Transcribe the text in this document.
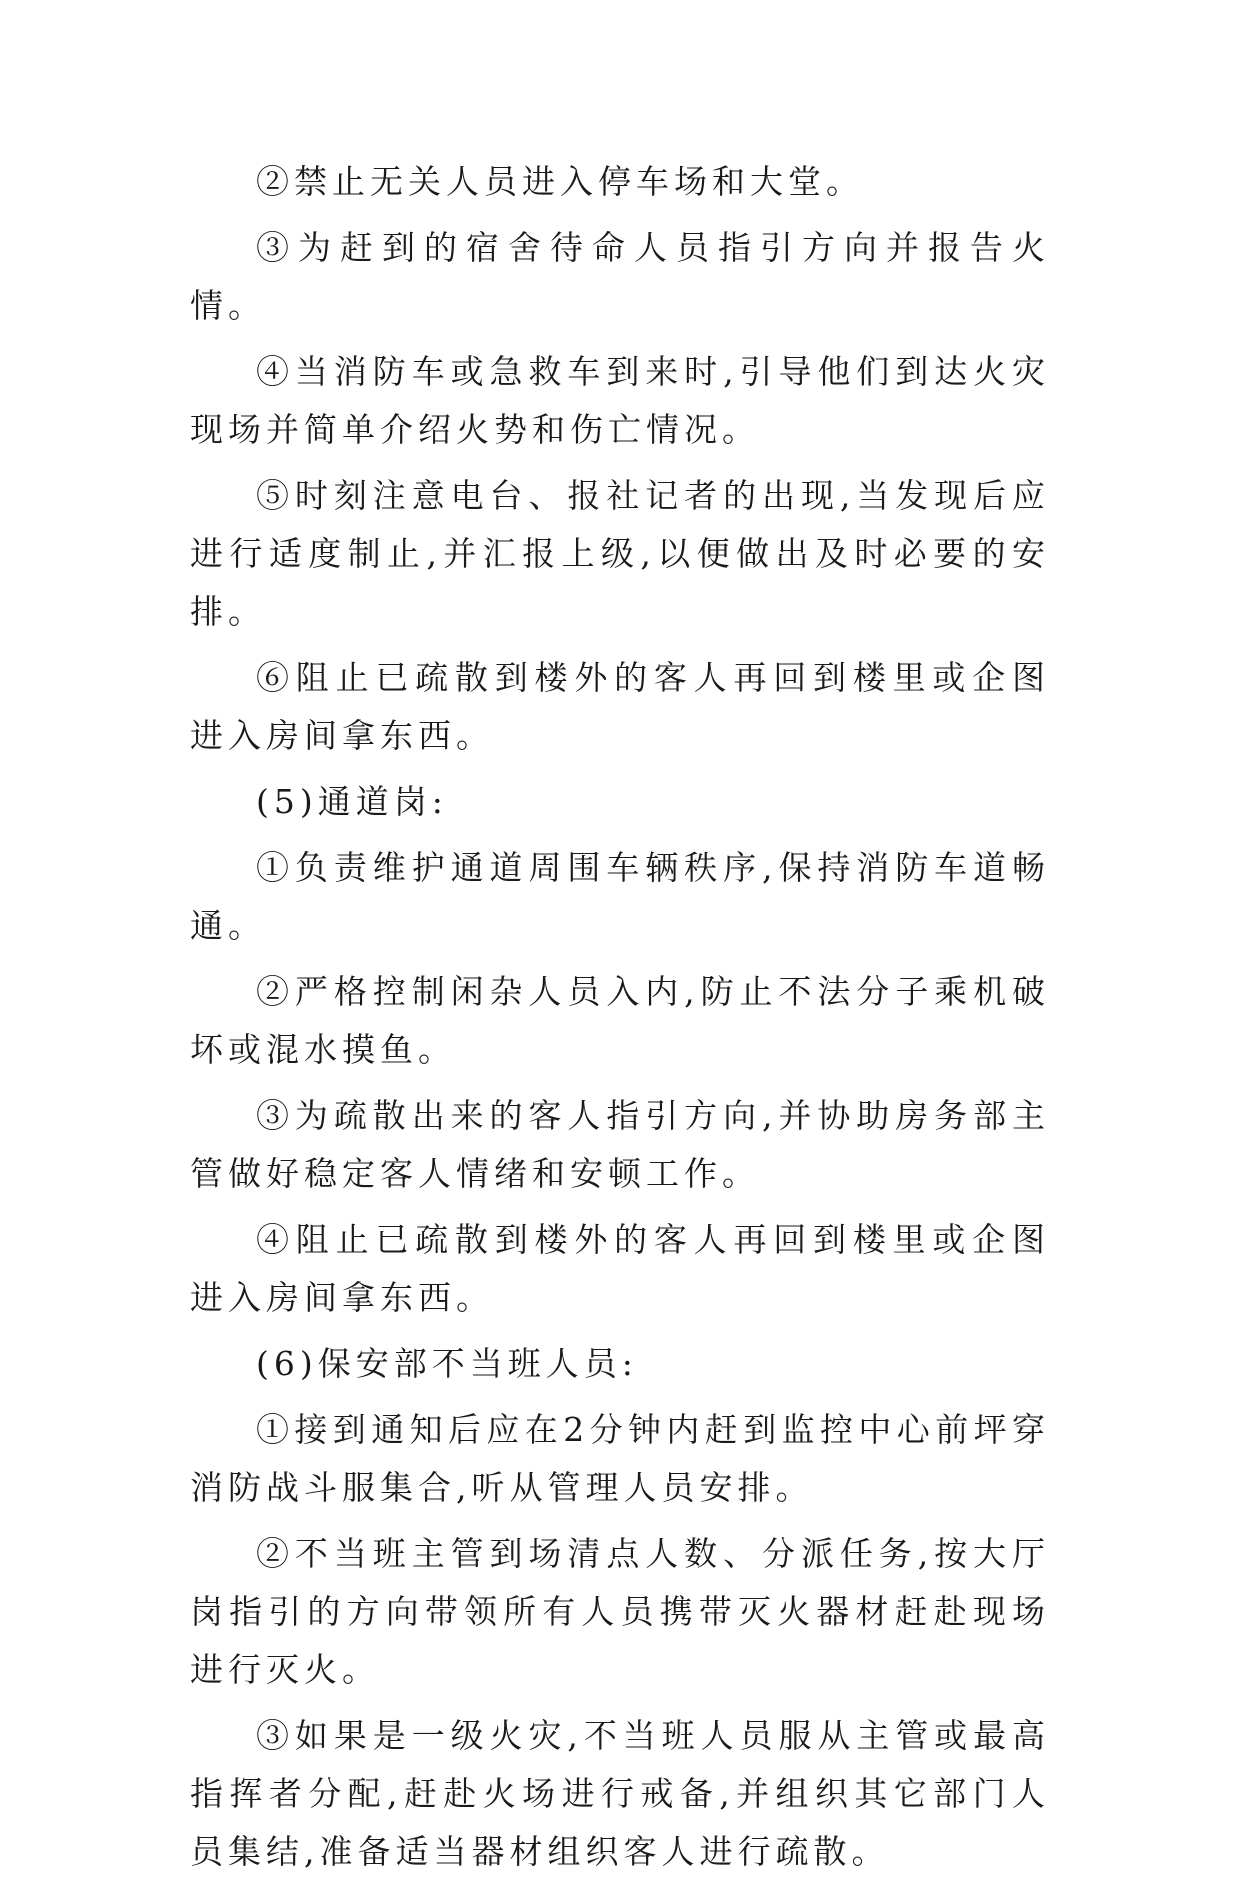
②禁止无关人员进入停车场和大堂。

③为赶到的宿舍待命人员指引方向并报告火情。

④当消防车或急救车到来时,引导他们到达火灾现场并简单介绍火势和伤亡情况。

⑤时刻注意电台、报社记者的出现,当发现后应进行适度制止,并汇报上级,以便做出及时必要的安排。

⑥阻止已疏散到楼外的客人再回到楼里或企图进入房间拿东西。

(5)通道岗:

①负责维护通道周围车辆秩序,保持消防车道畅通。

②严格控制闲杂人员入内,防止不法分子乘机破坏或混水摸鱼。

③为疏散出来的客人指引方向,并协助房务部主管做好稳定客人情绪和安顿工作。

④阻止已疏散到楼外的客人再回到楼里或企图进入房间拿东西。

(6)保安部不当班人员:

①接到通知后应在2分钟内赶到监控中心前坪穿消防战斗服集合,听从管理人员安排。

②不当班主管到场清点人数、分派任务,按大厅岗指引的方向带领所有人员携带灭火器材赶赴现场进行灭火。

③如果是一级火灾,不当班人员服从主管或最高指挥者分配,赶赴火场进行戒备,并组织其它部门人员集结,准备适当器材组织客人进行疏散。
